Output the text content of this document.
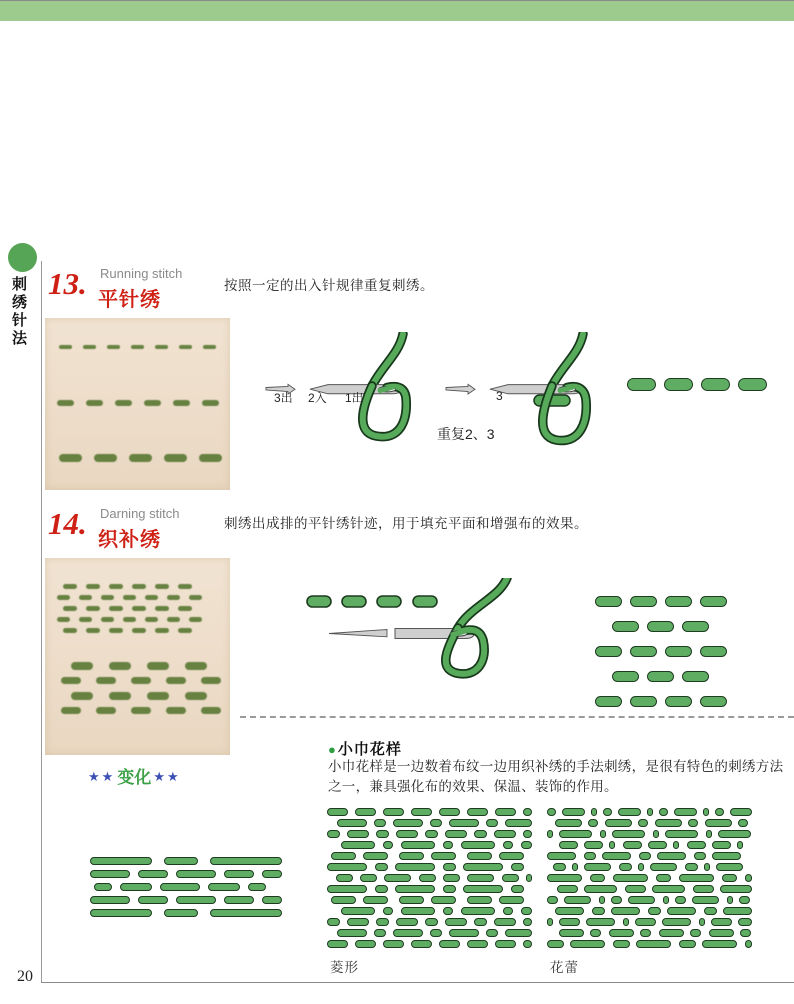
刺绣针法
Running stitch
13. 平针绣
按照一定的出入针规律重复刺绣。
3出 2入 1出	3
重复2、3
Darning stitch
14. 织补绣
刺绣出成排的平针绣针迹，用于填充平面和增强布的效果。
★★ 变化 ★★
● 小巾花样
小巾花样是一边数着布纹一边用织补绣的手法刺绣，是很有特色的刺绣方法之一，兼具强化布的效果、保温、装饰的作用。
菱形	花蕾
20
